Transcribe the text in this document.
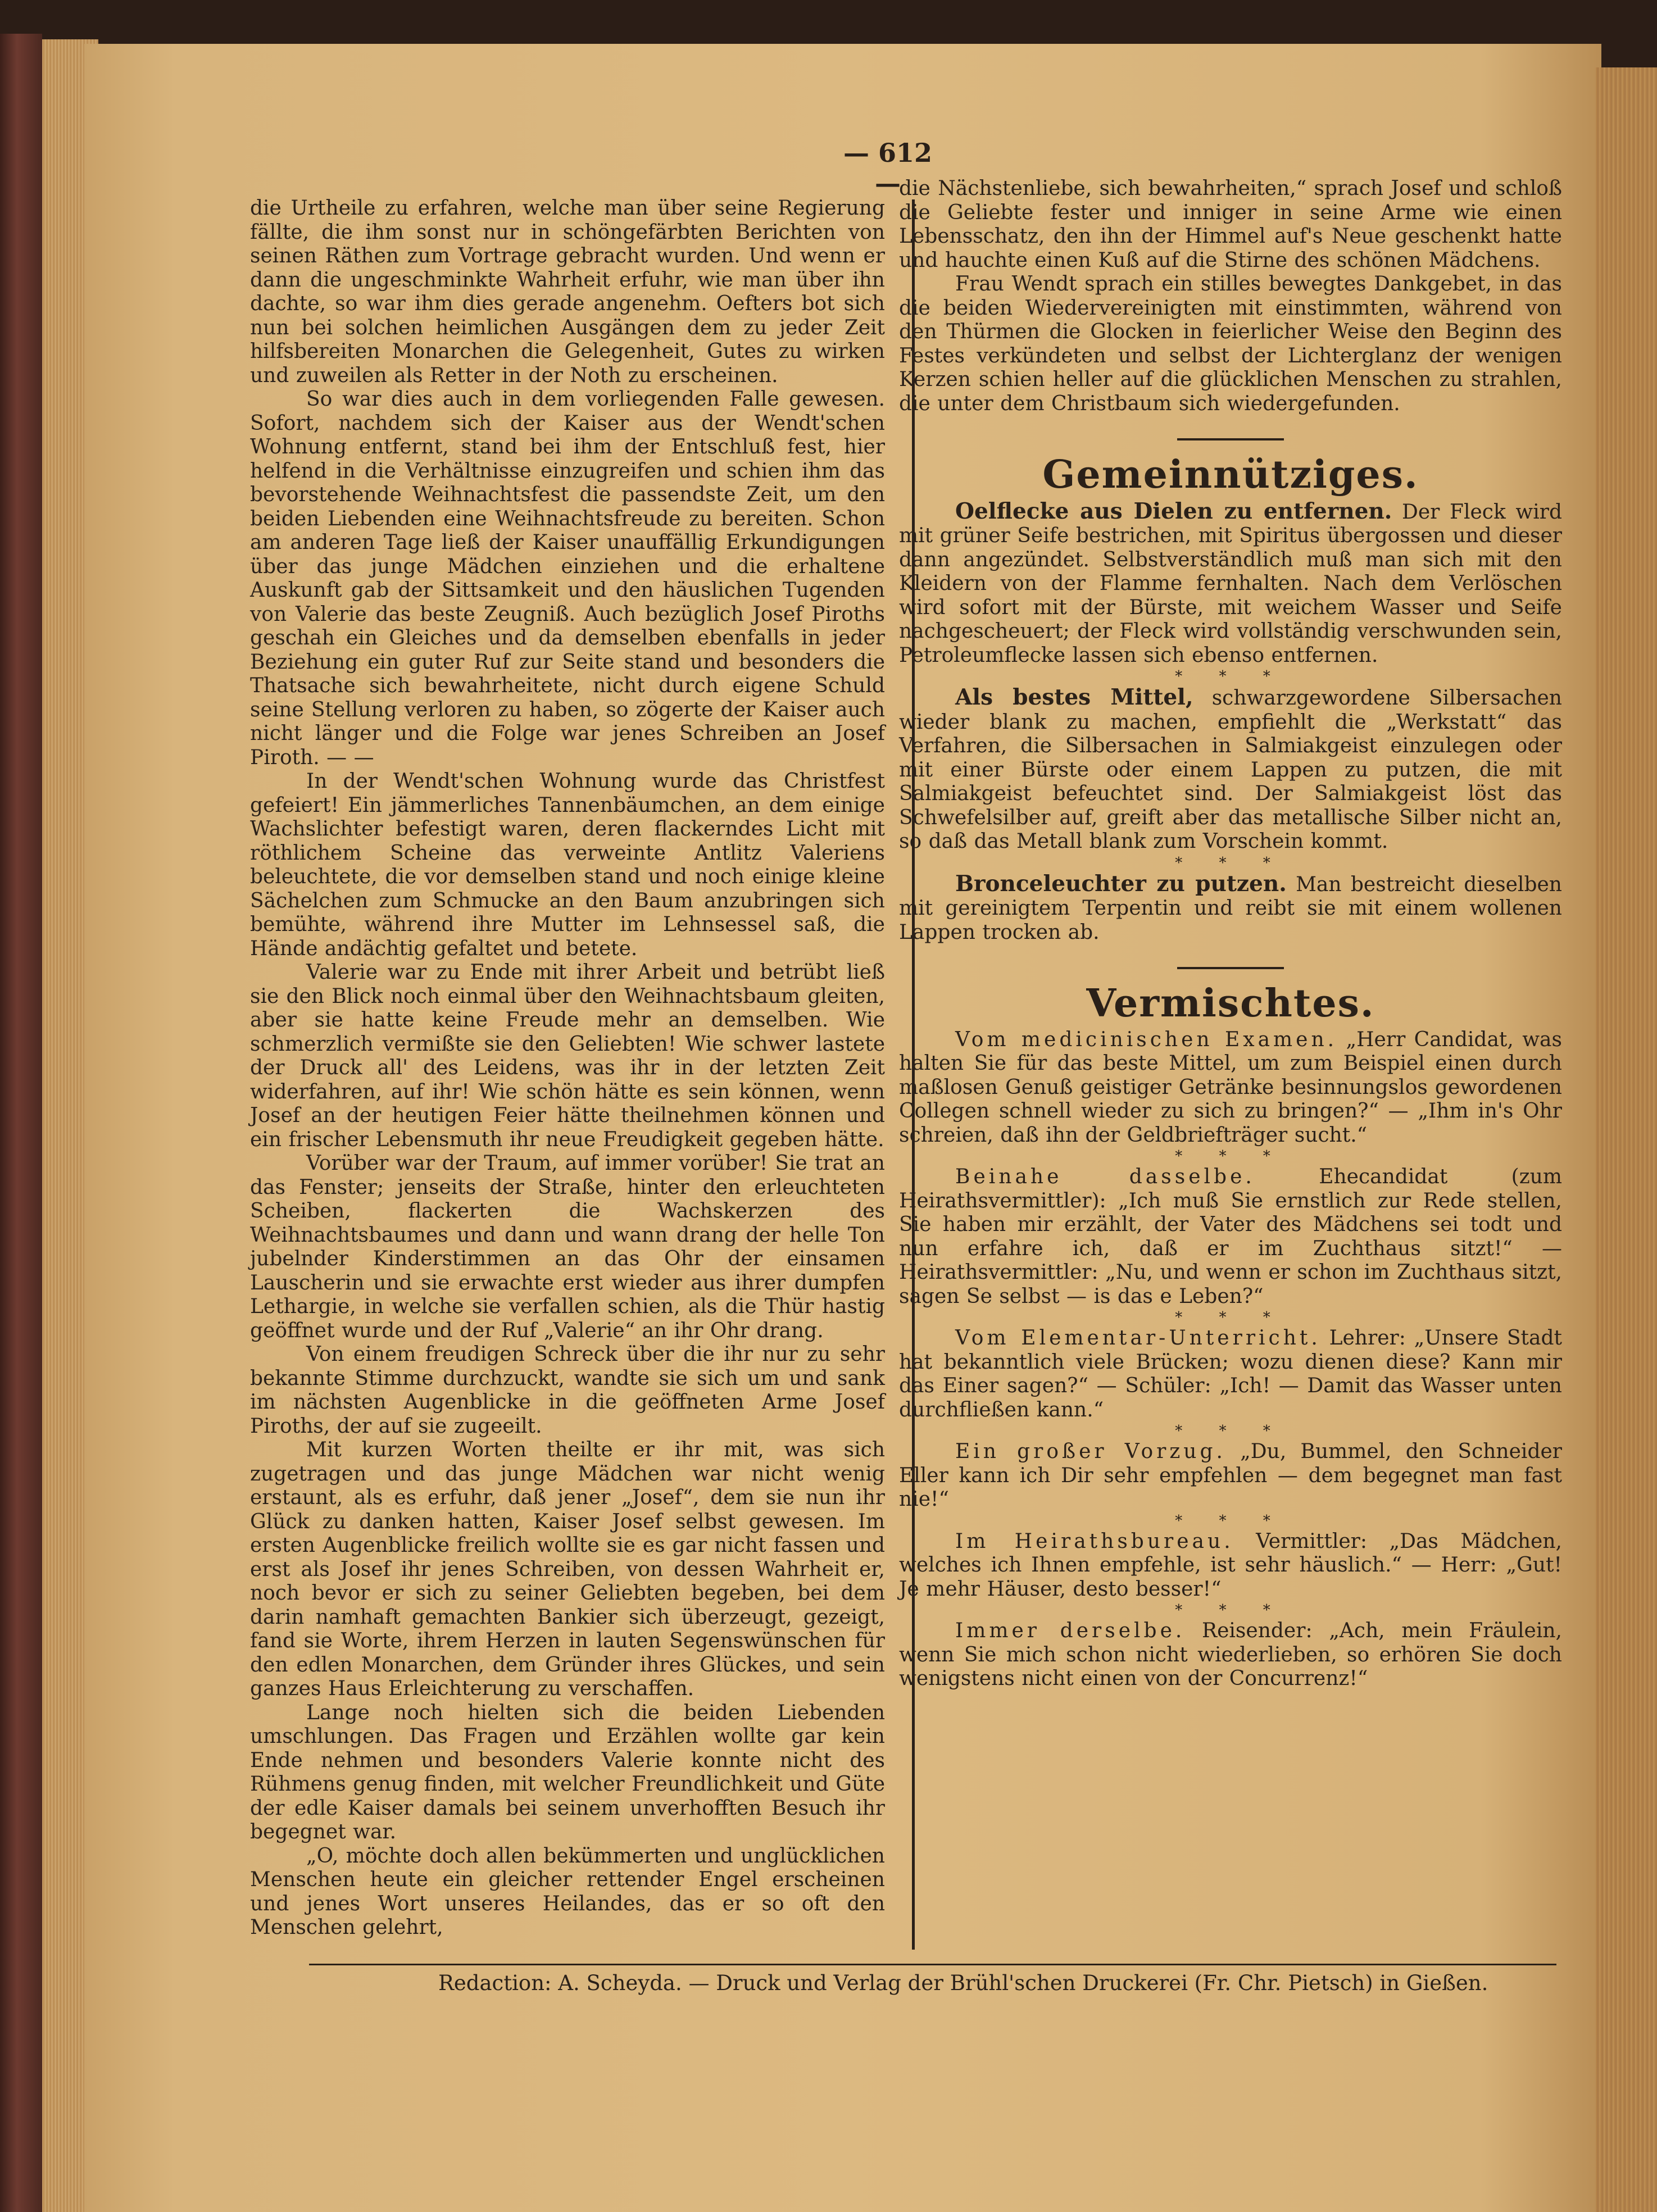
— 612 —

die Urtheile zu erfahren, welche man über seine Regierung fällte, die ihm sonst nur in schöngefärbten Berichten von seinen Räthen zum Vortrage gebracht wurden. Und wenn er dann die ungeschminkte Wahrheit erfuhr, wie man über ihn dachte, so war ihm dies gerade angenehm. Oefters bot sich nun bei solchen heimlichen Ausgängen dem zu jeder Zeit hilfsbereiten Monarchen die Gelegenheit, Gutes zu wirken und zuweilen als Retter in der Noth zu erscheinen.

So war dies auch in dem vorliegenden Falle gewesen. Sofort, nachdem sich der Kaiser aus der Wendt'schen Wohnung entfernt, stand bei ihm der Entschluß fest, hier helfend in die Verhältnisse einzugreifen und schien ihm das bevorstehende Weihnachtsfest die passendste Zeit, um den beiden Liebenden eine Weihnachtsfreude zu bereiten. Schon am anderen Tage ließ der Kaiser unauffällig Erkundigungen über das junge Mädchen einziehen und die erhaltene Auskunft gab der Sittsamkeit und den häuslichen Tugenden von Valerie das beste Zeugniß. Auch bezüglich Josef Piroths geschah ein Gleiches und da demselben ebenfalls in jeder Beziehung ein guter Ruf zur Seite stand und besonders die Thatsache sich bewahrheitete, nicht durch eigene Schuld seine Stellung verloren zu haben, so zögerte der Kaiser auch nicht länger und die Folge war jenes Schreiben an Josef Piroth. — —

In der Wendt'schen Wohnung wurde das Christfest gefeiert! Ein jämmerliches Tannenbäumchen, an dem einige Wachslichter befestigt waren, deren flackerndes Licht mit röthlichem Scheine das verweinte Antlitz Valeriens beleuchtete, die vor demselben stand und noch einige kleine Sächelchen zum Schmucke an den Baum anzubringen sich bemühte, während ihre Mutter im Lehnsessel saß, die Hände andächtig gefaltet und betete.

Valerie war zu Ende mit ihrer Arbeit und betrübt ließ sie den Blick noch einmal über den Weihnachtsbaum gleiten, aber sie hatte keine Freude mehr an demselben. Wie schmerzlich vermißte sie den Geliebten! Wie schwer lastete der Druck all' des Leidens, was ihr in der letzten Zeit widerfahren, auf ihr! Wie schön hätte es sein können, wenn Josef an der heutigen Feier hätte theilnehmen können und ein frischer Lebensmuth ihr neue Freudigkeit gegeben hätte.

Vorüber war der Traum, auf immer vorüber! Sie trat an das Fenster; jenseits der Straße, hinter den erleuchteten Scheiben, flackerten die Wachskerzen des Weihnachtsbaumes und dann und wann drang der helle Ton jubelnder Kinderstimmen an das Ohr der einsamen Lauscherin und sie erwachte erst wieder aus ihrer dumpfen Lethargie, in welche sie verfallen schien, als die Thür hastig geöffnet wurde und der Ruf „Valerie“ an ihr Ohr drang.

Von einem freudigen Schreck über die ihr nur zu sehr bekannte Stimme durchzuckt, wandte sie sich um und sank im nächsten Augenblicke in die geöffneten Arme Josef Piroths, der auf sie zugeeilt.

Mit kurzen Worten theilte er ihr mit, was sich zugetragen und das junge Mädchen war nicht wenig erstaunt, als es erfuhr, daß jener „Josef“, dem sie nun ihr Glück zu danken hatten, Kaiser Josef selbst gewesen. Im ersten Augenblicke freilich wollte sie es gar nicht fassen und erst als Josef ihr jenes Schreiben, von dessen Wahrheit er, noch bevor er sich zu seiner Geliebten begeben, bei dem darin namhaft gemachten Bankier sich überzeugt, gezeigt, fand sie Worte, ihrem Herzen in lauten Segenswünschen für den edlen Monarchen, dem Gründer ihres Glückes, und sein ganzes Haus Erleichterung zu verschaffen.

Lange noch hielten sich die beiden Liebenden umschlungen. Das Fragen und Erzählen wollte gar kein Ende nehmen und besonders Valerie konnte nicht des Rühmens genug finden, mit welcher Freundlichkeit und Güte der edle Kaiser damals bei seinem unverhofften Besuch ihr begegnet war.

„O, möchte doch allen bekümmerten und unglücklichen Menschen heute ein gleicher rettender Engel erscheinen und jenes Wort unseres Heilandes, das er so oft den Menschen gelehrt,

die Nächstenliebe, sich bewahrheiten,“ sprach Josef und schloß die Geliebte fester und inniger in seine Arme wie einen Lebensschatz, den ihn der Himmel auf's Neue geschenkt hatte und hauchte einen Kuß auf die Stirne des schönen Mädchens.

Frau Wendt sprach ein stilles bewegtes Dankgebet, in das die beiden Wiedervereinigten mit einstimmten, während von den Thürmen die Glocken in feierlicher Weise den Beginn des Festes verkündeten und selbst der Lichterglanz der wenigen Kerzen schien heller auf die glücklichen Menschen zu strahlen, die unter dem Christbaum sich wiedergefunden.

Gemeinnütziges.

Oelflecke aus Dielen zu entfernen. Der Fleck wird mit grüner Seife bestrichen, mit Spiritus übergossen und dieser dann angezündet. Selbstverständlich muß man sich mit den Kleidern von der Flamme fernhalten. Nach dem Verlöschen wird sofort mit der Bürste, mit weichem Wasser und Seife nachgescheuert; der Fleck wird vollständig verschwunden sein, Petroleumflecke lassen sich ebenso entfernen.

* * *

Als bestes Mittel, schwarzgewordene Silbersachen wieder blank zu machen, empfiehlt die „Werkstatt“ das Verfahren, die Silbersachen in Salmiakgeist einzulegen oder mit einer Bürste oder einem Lappen zu putzen, die mit Salmiakgeist befeuchtet sind. Der Salmiakgeist löst das Schwefelsilber auf, greift aber das metallische Silber nicht an, so daß das Metall blank zum Vorschein kommt.

* * *

Bronceleuchter zu putzen. Man bestreicht dieselben mit gereinigtem Terpentin und reibt sie mit einem wollenen Lappen trocken ab.

Vermischtes.

Vom medicinischen Examen. „Herr Candidat, was halten Sie für das beste Mittel, um zum Beispiel einen durch maßlosen Genuß geistiger Getränke besinnungslos gewordenen Collegen schnell wieder zu sich zu bringen?“ — „Ihm in's Ohr schreien, daß ihn der Geldbriefträger sucht.“

* * *

Beinahe dasselbe. Ehecandidat (zum Heirathsvermittler): „Ich muß Sie ernstlich zur Rede stellen, Sie haben mir erzählt, der Vater des Mädchens sei todt und nun erfahre ich, daß er im Zuchthaus sitzt!“ — Heirathsvermittler: „Nu, und wenn er schon im Zuchthaus sitzt, sagen Se selbst — is das e Leben?“

* * *

Vom Elementar-Unterricht. Lehrer: „Unsere Stadt hat bekanntlich viele Brücken; wozu dienen diese? Kann mir das Einer sagen?“ — Schüler: „Ich! — Damit das Wasser unten durchfließen kann.“

* * *

Ein großer Vorzug. „Du, Bummel, den Schneider Eller kann ich Dir sehr empfehlen — dem begegnet man fast nie!“

* * *

Im Heirathsbureau. Vermittler: „Das Mädchen, welches ich Ihnen empfehle, ist sehr häuslich.“ — Herr: „Gut! Je mehr Häuser, desto besser!“

* * *

Immer derselbe. Reisender: „Ach, mein Fräulein, wenn Sie mich schon nicht wiederlieben, so erhören Sie doch wenigstens nicht einen von der Concurrenz!“

Redaction: A. Scheyda. — Druck und Verlag der Brühl'schen Druckerei (Fr. Chr. Pietsch) in Gießen.
